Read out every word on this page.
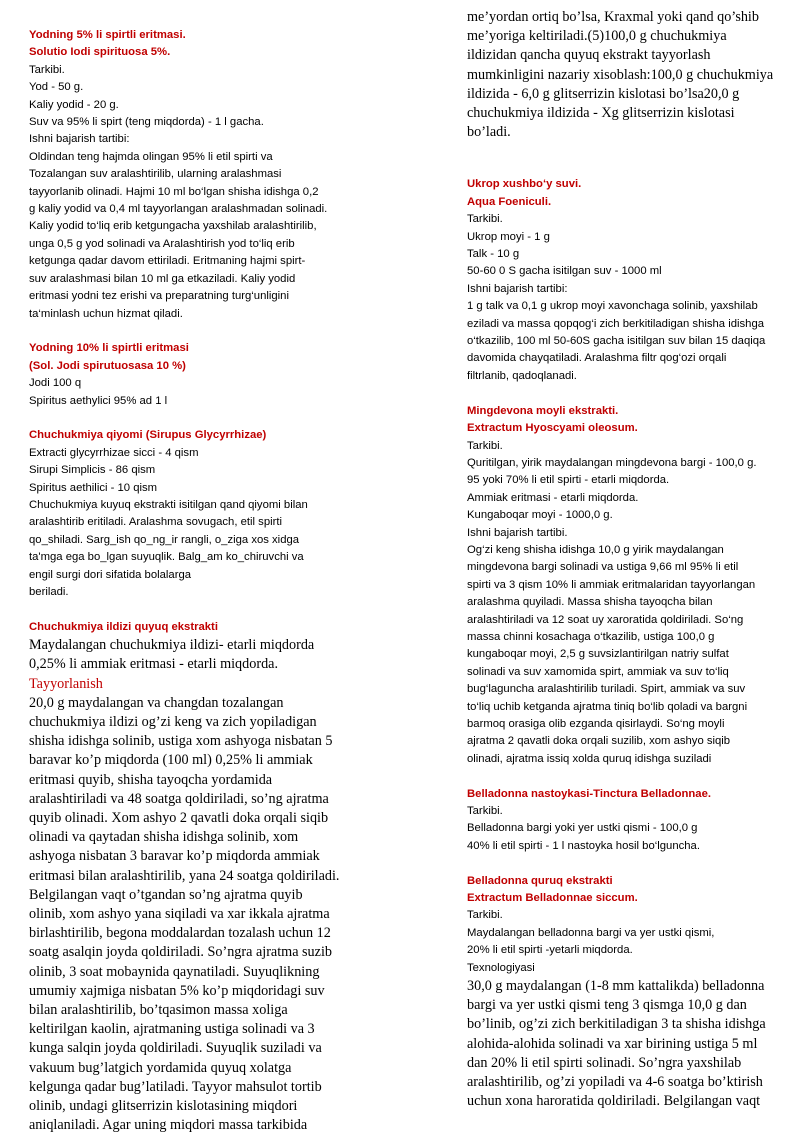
Yodning 5% li spirtli eritmasi.
Solutio Iodi spirituosa 5%.
Tarkibi.
Yod - 50 g.
Kaliy yodid - 20 g.
Suv va 95% li spirt (teng miqdorda) - 1 l gacha.
Ishni bajarish tartibi:
Oldindan teng hajmda olingan 95% li etil spirti va
Tozalangan suv aralashtirilib, ularning aralashmasi
tayyorlanib olinadi. Hajmi 10 ml bo‘lgan shisha idishga 0,2
g kaliy yodid va 0,4 ml tayyorlangan aralashmadan solinadi.
Kaliy yodid to‘liq erib ketgungacha yaxshilab aralashtirilib,
unga 0,5 g yod solinadi va Aralashtirish yod to‘liq erib
ketgunga qadar davom ettiriladi. Eritmaning hajmi spirt-
suv aralashmasi bilan 10 ml ga etkaziladi. Kaliy yodid
eritmasi yodni tez erishi va preparatning turg‘unligini
ta‘minlash uchun hizmat qiladi.
Yodning 10% li spirtli eritmasi
(Sol. Jodi spirutuosasa 10 %)
Jodi 100 q
Spiritus aethylici 95% ad 1 l
Chuchukmiya qiyomi (Sirupus Glycyrrhizae)
Extracti glycyrrhizae sicci - 4 qism
Sirupi Simplicis - 86 qism
Spiritus aethilici - 10 qism
Chuchukmiya kuyuq ekstrakti isitilgan qand qiyomi bilan
aralashtirib eritiladi. Aralashma sovugach, etil spirti
qo_shiladi. Sarg_ish qo_ng_ir rangli, o_ziga xos xidga
ta'mga ega bo_lgan suyuqlik. Balg_am ko_chiruvchi va
engil surgi dori sifatida bolalarga
beriladi.
Chuchukmiya ildizi quyuq ekstrakti
Maydalangan chuchukmiya ildizi- etarli miqdorda
0,25% li ammiak eritmasi - etarli miqdorda.
Tayyorlanish
20,0 g maydalangan va changdan tozalangan
chuchukmiya ildizi og’zi keng va zich yopiladigan
shisha idishga solinib, ustiga xom ashyoga nisbatan 5
baravar ko’p miqdorda (100 ml) 0,25% li ammiak
eritmasi quyib, shisha tayoqcha yordamida
aralashtiriladi va 48 soatga qoldiriladi, so’ng ajratma
quyib olinadi. Xom ashyo 2 qavatli doka orqali siqib
olinadi va qaytadan shisha idishga solinib, xom
ashyoga nisbatan 3 baravar ko’p miqdorda ammiak
eritmasi bilan aralashtirilib, yana 24 soatga qoldiriladi.
Belgilangan vaqt o’tgandan so’ng ajratma quyib
olinib, xom ashyo yana siqiladi va xar ikkala ajratma
birlashtirilib, begona moddalardan tozalash uchun 12
soatg asalqin joyda qoldiriladi. So’ngra ajratma suzib
olinib, 3 soat mobaynida qaynatiladi. Suyuqlikning
umumiy xajmiga nisbatan 5% ko’p miqdoridagi suv
bilan aralashtirilib, bo’tqasimon massa xoliga
keltirilgan kaolin, ajratmaning ustiga solinadi va 3
kunga salqin joyda qoldiriladi. Suyuqlik suziladi va
vakuum bug’latgich yordamida quyuq xolatga
kelgunga qadar bug’latiladi. Tayyor mahsulot tortib
olinib, undagi glitserrizin kislotasining miqdori
aniqlaniladi. Agar uning miqdori massa tarkibida
me’yordan ortiq bo’lsa, Kraxmal yoki qand qo’shib
me’yoriga keltiriladi.(5)100,0 g chuchukmiya
ildizidan qancha quyuq ekstrakt tayyorlash
mumkinligini nazariy xisoblash:100,0 g chuchukmiya
ildizida - 6,0 g glitserrizin kislotasi bo’lsa20,0 g
chuchukmiya ildizida - Xg glitserrizin kislotasi
bo’ladi.
Ukrop xushbo‘y suvi.
Aqua Foeniculi.
Tarkibi.
Ukrop moyi - 1 g
Talk - 10 g
50-60 0 S gacha isitilgan suv - 1000 ml
Ishni bajarish tartibi:
1 g talk va 0,1 g ukrop moyi xavonchaga solinib, yaxshilab
eziladi va massa qopqog‘i zich berkitiladigan shisha idishga
o‘tkazilib, 100 ml 50-60S gacha isitilgan suv bilan 15 daqiqa
davomida chayqatiladi. Aralashma filtr qog‘ozi orqali
filtrlanib, qadoqlanadi.
Mingdevona moyli ekstrakti.
Extractum Hyoscyami oleosum.
Tarkibi.
Quritilgan, yirik maydalangan mingdevona bargi - 100,0 g.
95 yoki 70% li etil spirti - etarli miqdorda.
Ammiak eritmasi - etarli miqdorda.
Kungaboqar moyi - 1000,0 g.
Ishni bajarish tartibi.
Og‘zi keng shisha idishga 10,0 g yirik maydalangan
mingdevona bargi solinadi va ustiga 9,66 ml 95% li etil
spirti va 3 qism 10% li ammiak eritmalaridan tayyorlangan
aralashma quyiladi. Massa shisha tayoqcha bilan
aralashtiriladi va 12 soat uy xaroratida qoldiriladi. So‘ng
massa chinni kosachaga o‘tkazilib, ustiga 100,0 g
kungaboqar moyi, 2,5 g suvsizlantirilgan natriy sulfat
solinadi va suv xamomida spirt, ammiak va suv to‘liq
bug‘laguncha aralashtirilib turiladi. Spirt, ammiak va suv
to‘liq uchib ketganda ajratma tiniq bo‘lib qoladi va bargni
barmoq orasiga olib ezganda qisirlaydi. So‘ng moyli
ajratma 2 qavatli doka orqali suzilib, xom ashyo siqib
olinadi, ajratma issiq xolda quruq idishga suziladi
Belladonna nastoykasi-Tinctura Belladonnae.
Tarkibi.
Belladonna bargi yoki yer ustki qismi - 100,0 g
40% li etil spirti - 1 l nastoyka hosil bo‘lguncha.
Belladonna quruq ekstrakti
Extractum Belladonnae siccum.
Tarkibi.
Maydalangan belladonna bargi va yer ustki qismi,
20% li etil spirti -yetarli miqdorda.
Texnologiyasi
30,0 g maydalangan (1-8 mm kattalikda) belladonna
bargi va yer ustki qismi teng 3 qismga 10,0 g dan
bo’linib, og’zi zich berkitiladigan 3 ta shisha idishga
alohida-alohida solinadi va xar birining ustiga 5 ml
dan 20% li etil spirti solinadi. So’ngra yaxshilab
aralashtirilib, og’zi yopiladi va 4-6 soatga bo’ktirish
uchun xona haroratida qoldiriladi. Belgilangan vaqt
